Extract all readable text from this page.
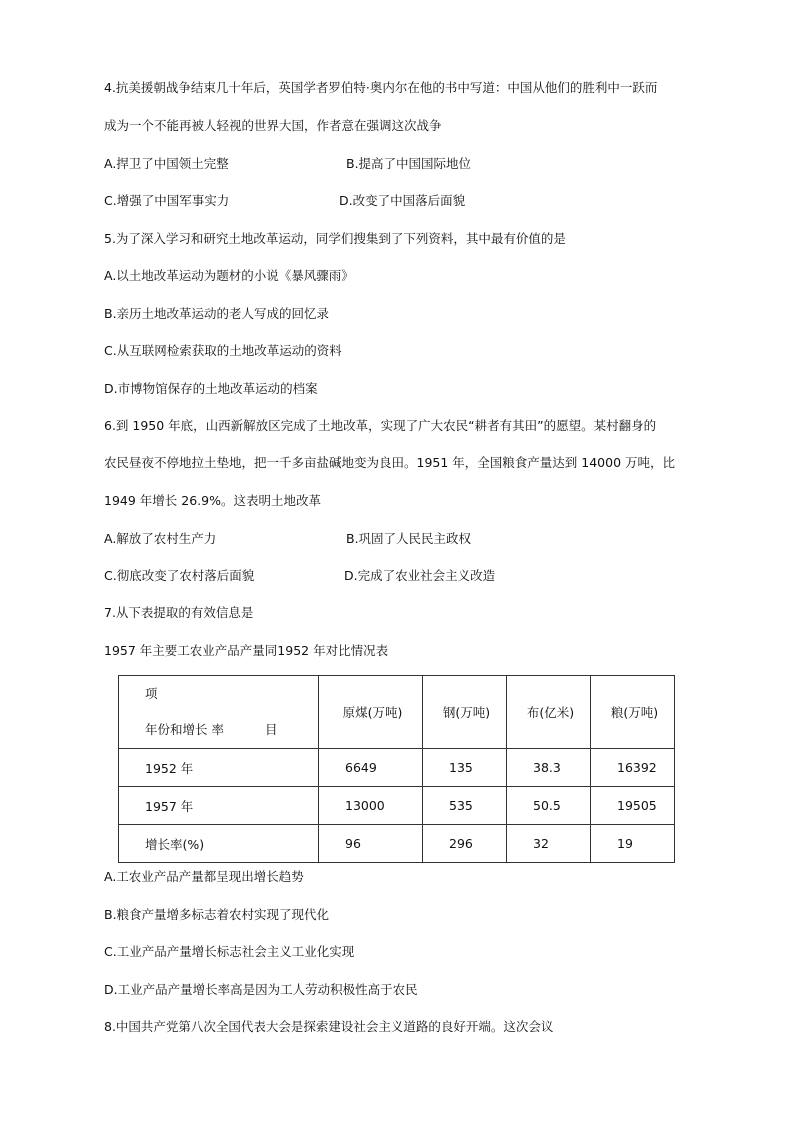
4.抗美援朝战争结束几十年后，英国学者罗伯特·奥内尔在他的书中写道：中国从他们的胜利中一跃而
成为一个不能再被人轻视的世界大国，作者意在强调这次战争
A.捍卫了中国领土完整	B.提高了中国国际地位
C.增强了中国军事实力	D.改变了中国落后面貌
5.为了深入学习和研究土地改革运动，同学们搜集到了下列资料，其中最有价值的是
A.以土地改革运动为题材的小说《暴风骤雨》
B.亲历土地改革运动的老人写成的回忆录
C.从互联网检索获取的土地改革运动的资料
D.市博物馆保存的土地改革运动的档案
6.到 1950 年底，山西新解放区完成了土地改革，实现了广大农民“耕者有其田”的愿望。某村翻身的
农民昼夜不停地拉土垫地，把一千多亩盐碱地变为良田。1951 年，全国粮食产量达到 14000 万吨，比
1949 年增长 26.9%。这表明土地改革
A.解放了农村生产力	B.巩固了人民民主政权
C.彻底改变了农村落后面貌	D.完成了农业社会主义改造
7.从下表提取的有效信息是
1957 年主要工农业产品产量同1952 年对比情况表
项
年份和增长 率 目	原煤(万吨)	钢(万吨)	布(亿米)	粮(万吨)
1952 年	6649	135	38.3	16392
1957 年	13000	535	50.5	19505
增长率(%)	96	296	32	19
A.工农业产品产量都呈现出增长趋势
B.粮食产量增多标志着农村实现了现代化
C.工业产品产量增长标志社会主义工业化实现
D.工业产品产量增长率高是因为工人劳动积极性高于农民
8.中国共产党第八次全国代表大会是探索建设社会主义道路的良好开端。这次会议
